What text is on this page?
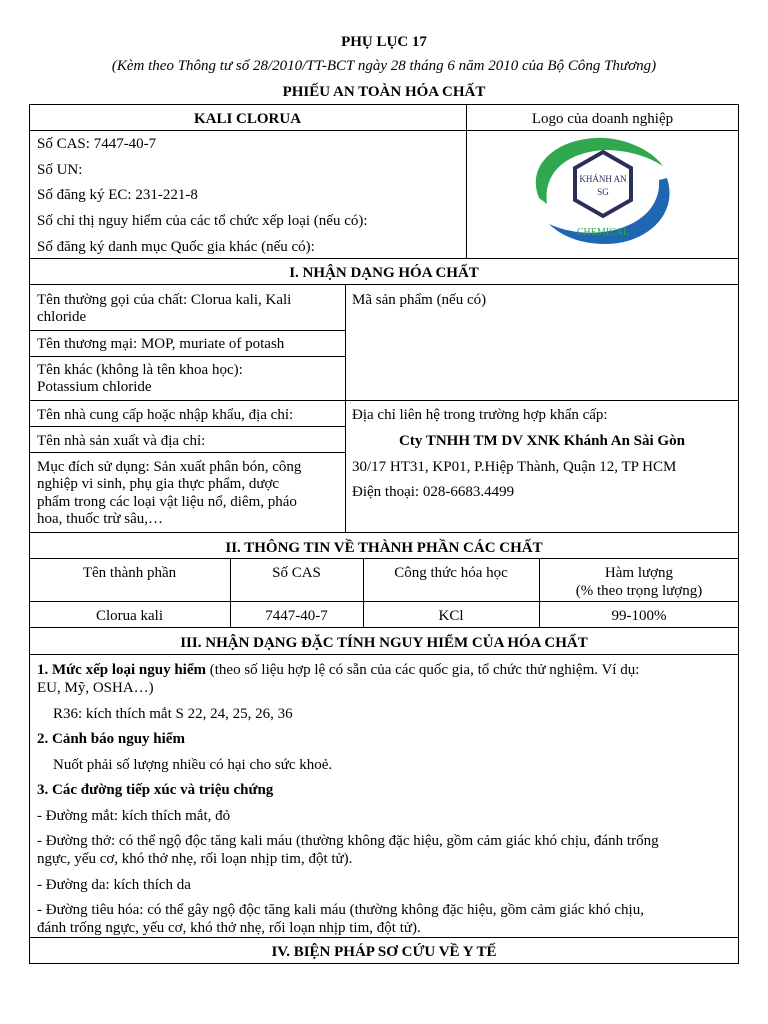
PHỤ LỤC 17
(Kèm theo Thông tư số 28/2010/TT-BCT ngày 28 tháng 6 năm 2010 của Bộ Công Thương)
PHIẾU AN TOÀN HÓA CHẤT
KALI CLORUA	Logo của doanh nghiệp
Số CAS: 7447-40-7
Số UN:
Số đăng ký EC: 231-221-8
Số chỉ thị nguy hiểm của các tổ chức xếp loại (nếu có):
Số đăng ký danh mục Quốc gia khác (nếu có):
KHÁNH AN
SG
CHEMICAL
I. NHẬN DẠNG HÓA CHẤT
Tên thường gọi của chất: Clorua kali, Kali
chloride
Mã sản phẩm (nếu có)
Tên thương mại: MOP, muriate of potash
Tên khác (không là tên khoa học):
Potassium chloride
Tên nhà cung cấp hoặc nhập khẩu, địa chỉ:	Địa chỉ liên hệ trong trường hợp khẩn cấp:
Tên nhà sản xuất và địa chỉ:	Cty TNHH TM DV XNK Khánh An Sài Gòn
30/17 HT31, KP01, P.Hiệp Thành, Quận 12, TP HCM
Điện thoại: 028-6683.4499
Mục đích sử dụng: Sản xuất phân bón, công
nghiệp vi sinh, phụ gia thực phẩm, dược
phẩm trong các loại vật liệu nổ, diêm, pháo
hoa, thuốc trừ sâu,…
II. THÔNG TIN VỀ THÀNH PHẦN CÁC CHẤT
Tên thành phần	Số CAS	Công thức hóa học	Hàm lượng
(% theo trọng lượng)
Clorua kali	7447-40-7	KCl	99-100%
III. NHẬN DẠNG ĐẶC TÍNH NGUY HIỂM CỦA HÓA CHẤT
1. Mức xếp loại nguy hiểm (theo số liệu hợp lệ có sẵn của các quốc gia, tổ chức thử nghiệm. Ví dụ:
EU, Mỹ, OSHA…)
R36: kích thích mắt S 22, 24, 25, 26, 36
2. Cảnh báo nguy hiểm
Nuốt phải số lượng nhiều có hại cho sức khoẻ.
3. Các đường tiếp xúc và triệu chứng
- Đường mắt: kích thích mắt, đỏ
- Đường thở: có thể ngộ độc tăng kali máu (thường không đặc hiệu, gồm cảm giác khó chịu, đánh trống
ngực, yếu cơ, khó thở nhẹ, rối loạn nhịp tim, đột tử).
- Đường da: kích thích da
- Đường tiêu hóa: có thể gây ngộ độc tăng kali máu (thường không đặc hiệu, gồm cảm giác khó chịu,
đánh trống ngực, yếu cơ, khó thở nhẹ, rối loạn nhịp tim, đột tử).
IV. BIỆN PHÁP SƠ CỨU VỀ Y TẾ
